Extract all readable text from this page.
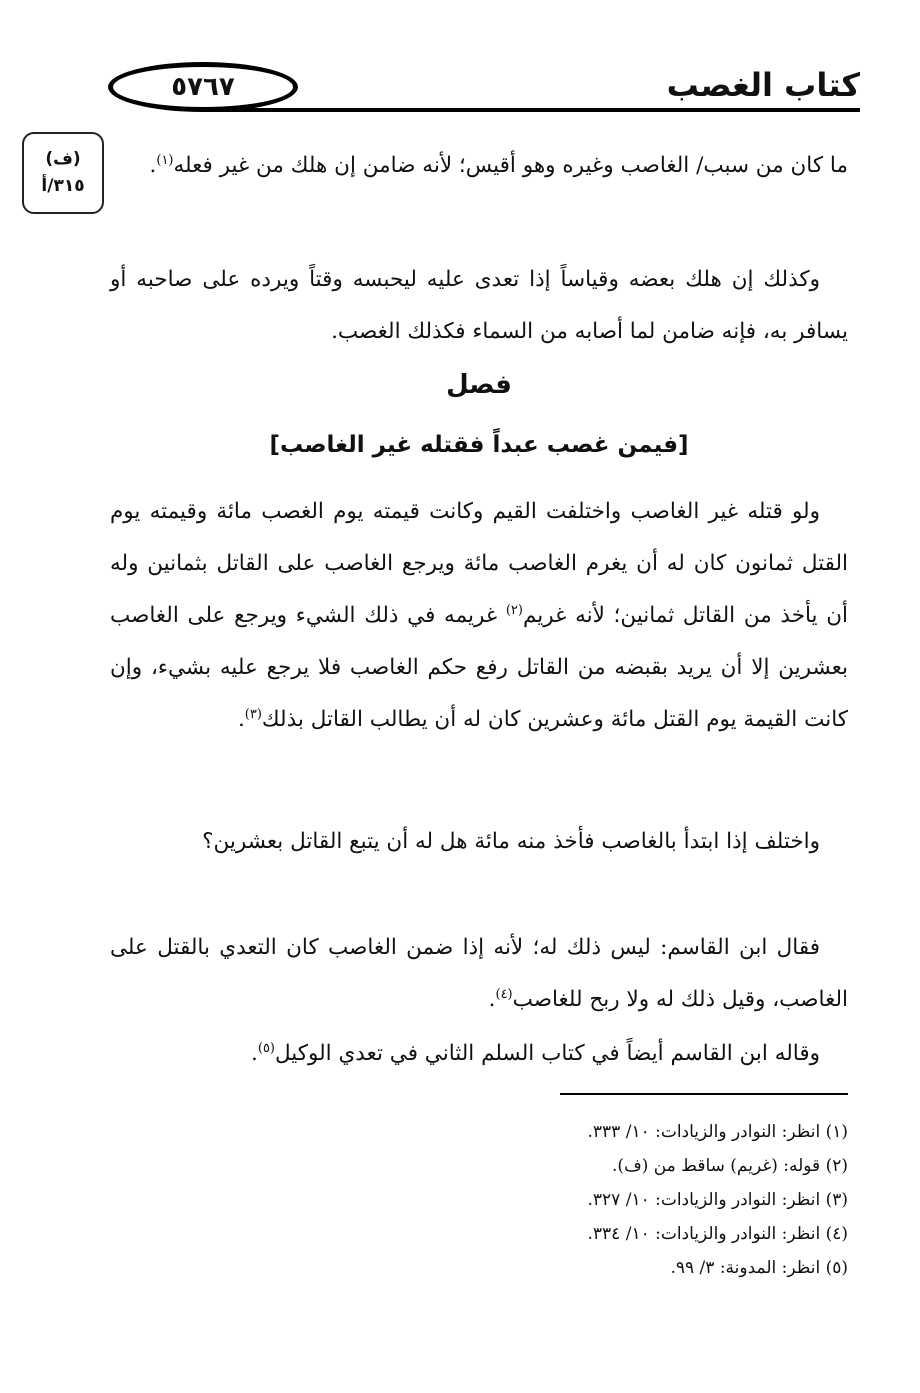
٥٧٦٧	كتاب الغصب
(ف)
٣١٥/أ

ما كان من سبب/ الغاصب وغيره وهو أقيس؛ لأنه ضامن إن هلك من غير فعله$^{(١)}$.

وكذلك إن هلك بعضه وقياساً إذا تعدى عليه ليحبسه وقتاً ويرده على صاحبه أو يسافر به، فإنه ضامن لما أصابه من السماء فكذلك الغصب.

فصل
[فيمن غصب عبداً فقتله غير الغاصب]

ولو قتله غير الغاصب واختلفت القيم وكانت قيمته يوم الغصب مائة وقيمته يوم القتل ثمانون كان له أن يغرم الغاصب مائة ويرجع الغاصب على القاتل بثمانين وله أن يأخذ من القاتل ثمانين؛ لأنه غريم$^{(٢)}$ غريمه في ذلك الشيء ويرجع على الغاصب بعشرين إلا أن يريد بقبضه من القاتل رفع حكم الغاصب فلا يرجع عليه بشيء، وإن كانت القيمة يوم القتل مائة وعشرين كان له أن يطالب القاتل بذلك$^{(٣)}$.

واختلف إذا ابتدأ بالغاصب فأخذ منه مائة هل له أن يتبع القاتل بعشرين؟

فقال ابن القاسم: ليس ذلك له؛ لأنه إذا ضمن الغاصب كان التعدي بالقتل على الغاصب، وقيل ذلك له ولا ربح للغاصب$^{(٤)}$.

وقاله ابن القاسم أيضاً في كتاب السلم الثاني في تعدي الوكيل$^{(٥)}$.

(١) انظر: النوادر والزيادات: ١٠/ ٣٣٣.
(٢) قوله: (غريم) ساقط من (ف).
(٣) انظر: النوادر والزيادات: ١٠/ ٣٢٧.
(٤) انظر: النوادر والزيادات: ١٠/ ٣٣٤.
(٥) انظر: المدونة: ٣/ ٩٩.
